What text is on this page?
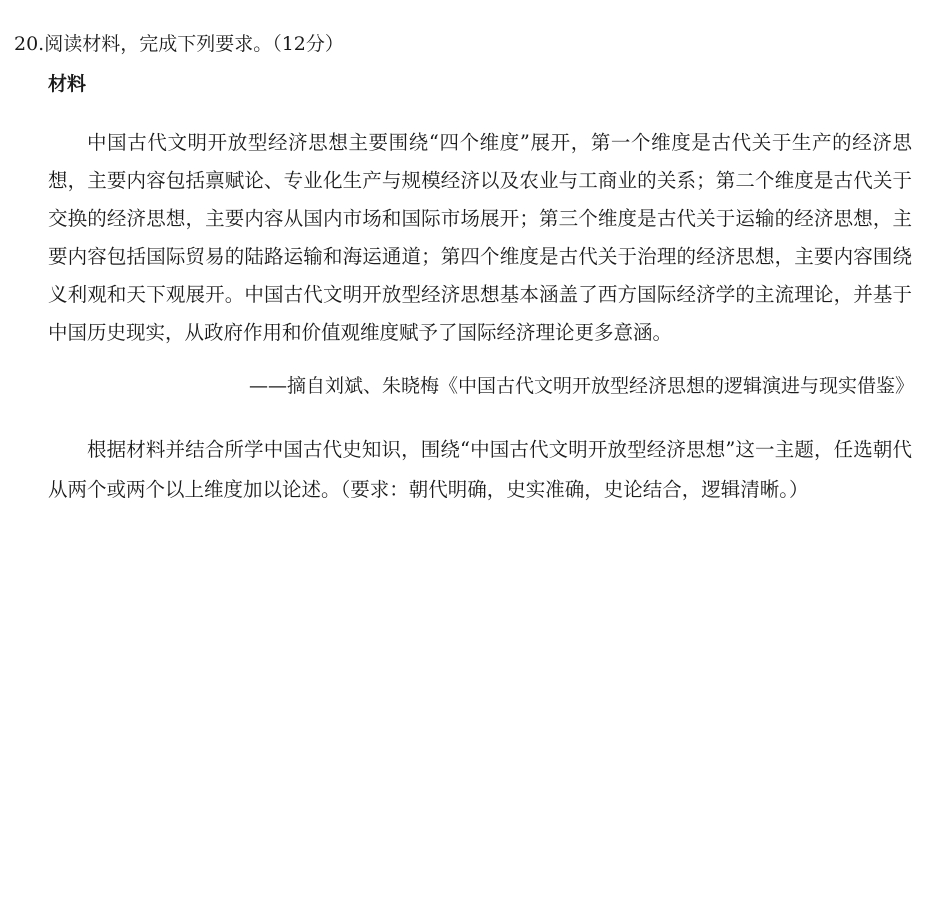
20.阅读材料，完成下列要求。（12分）
材料

中国古代文明开放型经济思想主要围绕“四个维度”展开，第一个维度是古代关于生产的经济思想，主要内容包括禀赋论、专业化生产与规模经济以及农业与工商业的关系；第二个维度是古代关于交换的经济思想，主要内容从国内市场和国际市场展开；第三个维度是古代关于运输的经济思想，主要内容包括国际贸易的陆路运输和海运通道；第四个维度是古代关于治理的经济思想，主要内容围绕义利观和天下观展开。中国古代文明开放型经济思想基本涵盖了西方国际经济学的主流理论，并基于中国历史现实，从政府作用和价值观维度赋予了国际经济理论更多意涵。

——摘自刘斌、朱晓梅《中国古代文明开放型经济思想的逻辑演进与现实借鉴》

根据材料并结合所学中国古代史知识，围绕“中国古代文明开放型经济思想”这一主题，任选朝代从两个或两个以上维度加以论述。（要求：朝代明确，史实准确，史论结合，逻辑清晰。）
